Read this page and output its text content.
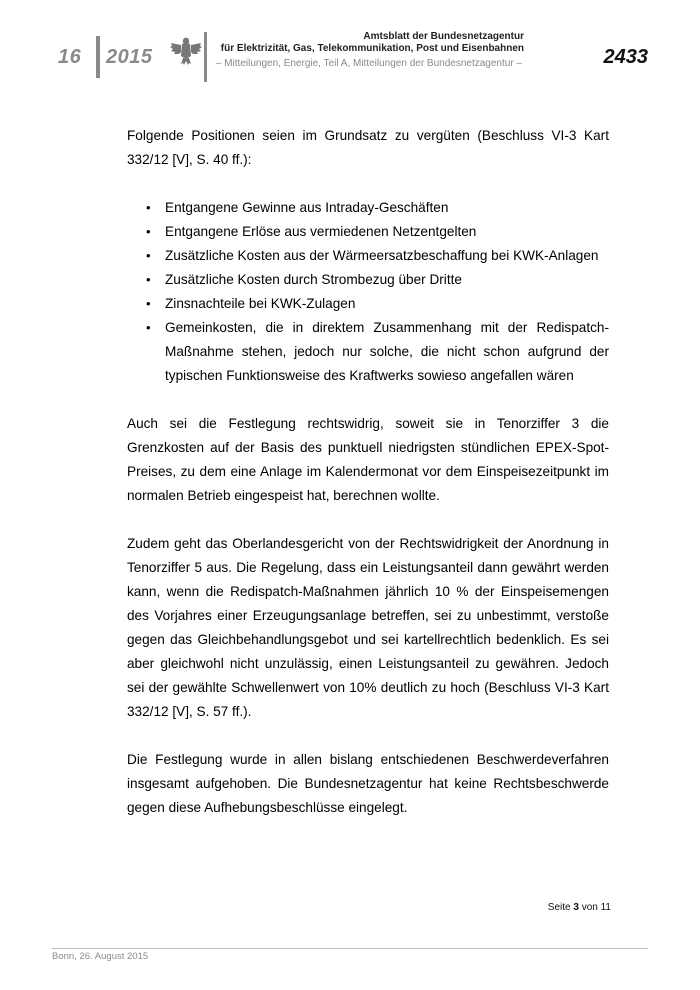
16 2015
Amtsblatt der Bundesnetzagentur
für Elektrizität, Gas, Telekommunikation, Post und Eisenbahnen
– Mitteilungen, Energie, Teil A, Mitteilungen der Bundesnetzagentur –	2433

Folgende Positionen seien im Grundsatz zu vergüten (Beschluss VI-3 Kart 332/12 [V], S. 40 ff.):

• Entgangene Gewinne aus Intraday-Geschäften
• Entgangene Erlöse aus vermiedenen Netzentgelten
• Zusätzliche Kosten aus der Wärmeersatzbeschaffung bei KWK-Anlagen
• Zusätzliche Kosten durch Strombezug über Dritte
• Zinsnachteile bei KWK-Zulagen
• Gemeinkosten, die in direktem Zusammenhang mit der Redispatch-Maßnahme stehen, jedoch nur solche, die nicht schon aufgrund der typischen Funktionsweise des Kraftwerks sowieso angefallen wären

Auch sei die Festlegung rechtswidrig, soweit sie in Tenorziffer 3 die Grenzkosten auf der Basis des punktuell niedrigsten stündlichen EPEX-Spot-Preises, zu dem eine Anlage im Kalendermonat vor dem Einspeisezeitpunkt im normalen Betrieb eingespeist hat, berechnen wollte.

Zudem geht das Oberlandesgericht von der Rechtswidrigkeit der Anordnung in Tenorziffer 5 aus. Die Regelung, dass ein Leistungsanteil dann gewährt werden kann, wenn die Redispatch-Maßnahmen jährlich 10 % der Einspeisemengen des Vorjahres einer Erzeugungsanlage betreffen, sei zu unbestimmt, verstoße gegen das Gleichbehandlungsgebot und sei kartellrechtlich bedenklich. Es sei aber gleichwohl nicht unzulässig, einen Leistungsanteil zu gewähren. Jedoch sei der gewählte Schwellenwert von 10% deutlich zu hoch (Beschluss VI-3 Kart 332/12 [V], S. 57 ff.).

Die Festlegung wurde in allen bislang entschiedenen Beschwerdeverfahren insgesamt aufgehoben. Die Bundesnetzagentur hat keine Rechtsbeschwerde gegen diese Aufhebungsbeschlüsse eingelegt.

Seite 3 von 11
Bonn, 26. August 2015
